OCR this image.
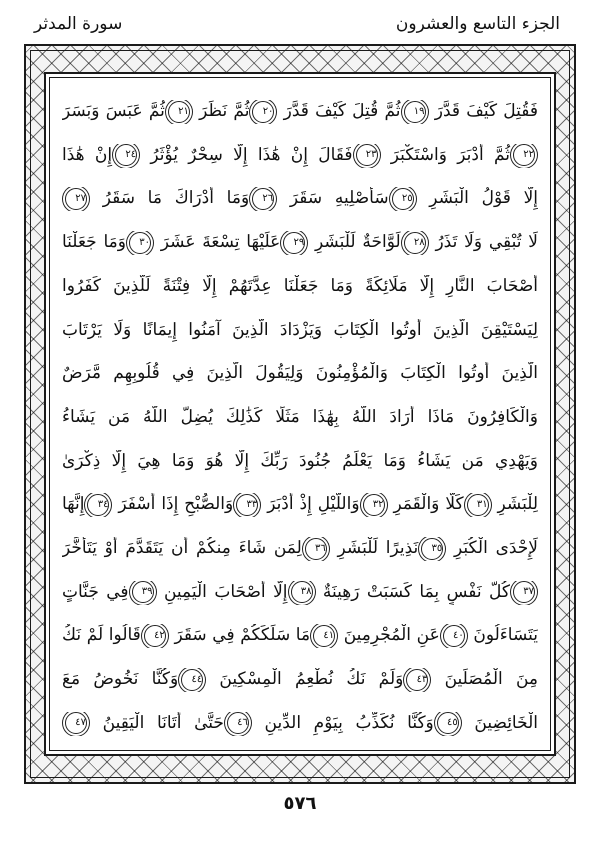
الجزء التاسع والعشرون
سورة المدثر
فَقُتِلَ كَيْفَ قَدَّرَ ١٩ثُمَّ قُتِلَ كَيْفَ قَدَّرَ ٢٠ثُمَّ نَظَرَ ٢١ثُمَّ عَبَسَ وَبَسَرَ
٢٢ثُمَّ أَدْبَرَ وَاسْتَكْبَرَ ٢٣فَقَالَ إِنْ هَٰذَا إِلَّا سِحْرٌ يُؤْثَرُ ٢٤إِنْ هَٰذَا
إِلَّا قَوْلُ الْبَشَرِ ٢٥سَأُصْلِيهِ سَقَرَ ٢٦وَمَا أَدْرَاكَ مَا سَقَرُ ٢٧
لَا تُبْقِي وَلَا تَذَرُ ٢٨لَوَّاحَةٌ لِّلْبَشَرِ ٢٩عَلَيْهَا تِسْعَةَ عَشَرَ ٣٠وَمَا جَعَلْنَا
أَصْحَابَ النَّارِ إِلَّا مَلَائِكَةً وَمَا جَعَلْنَا عِدَّتَهُمْ إِلَّا فِتْنَةً لِّلَّذِينَ كَفَرُوا
لِيَسْتَيْقِنَ الَّذِينَ أُوتُوا الْكِتَابَ وَيَزْدَادَ الَّذِينَ آمَنُوا إِيمَانًا وَلَا يَرْتَابَ
الَّذِينَ أُوتُوا الْكِتَابَ وَالْمُؤْمِنُونَ وَلِيَقُولَ الَّذِينَ فِي قُلُوبِهِم مَّرَضٌ
وَالْكَافِرُونَ مَاذَا أَرَادَ اللَّهُ بِهَٰذَا مَثَلًا كَذَٰلِكَ يُضِلُّ اللَّهُ مَن يَشَاءُ
وَيَهْدِي مَن يَشَاءُ وَمَا يَعْلَمُ جُنُودَ رَبِّكَ إِلَّا هُوَ وَمَا هِيَ إِلَّا ذِكْرَىٰ
لِلْبَشَرِ ٣١كَلَّا وَالْقَمَرِ ٣٢وَاللَّيْلِ إِذْ أَدْبَرَ ٣٣وَالصُّبْحِ إِذَا أَسْفَرَ ٣٤إِنَّهَا
لَإِحْدَى الْكُبَرِ ٣٥نَذِيرًا لِّلْبَشَرِ ٣٦لِمَن شَاءَ مِنكُمْ أَن يَتَقَدَّمَ أَوْ يَتَأَخَّرَ
٣٧كُلُّ نَفْسٍ بِمَا كَسَبَتْ رَهِينَةٌ ٣٨إِلَّا أَصْحَابَ الْيَمِينِ ٣٩فِي جَنَّاتٍ
يَتَسَاءَلُونَ ٤٠عَنِ الْمُجْرِمِينَ ٤١مَا سَلَكَكُمْ فِي سَقَرَ ٤٢قَالُوا لَمْ نَكُ
مِنَ الْمُصَلِّينَ ٤٣وَلَمْ نَكُ نُطْعِمُ الْمِسْكِينَ ٤٤وَكُنَّا نَخُوضُ مَعَ
الْخَائِضِينَ ٤٥وَكُنَّا نُكَذِّبُ بِيَوْمِ الدِّينِ ٤٦حَتَّىٰ أَتَانَا الْيَقِينُ ٤٧
٥٧٦
